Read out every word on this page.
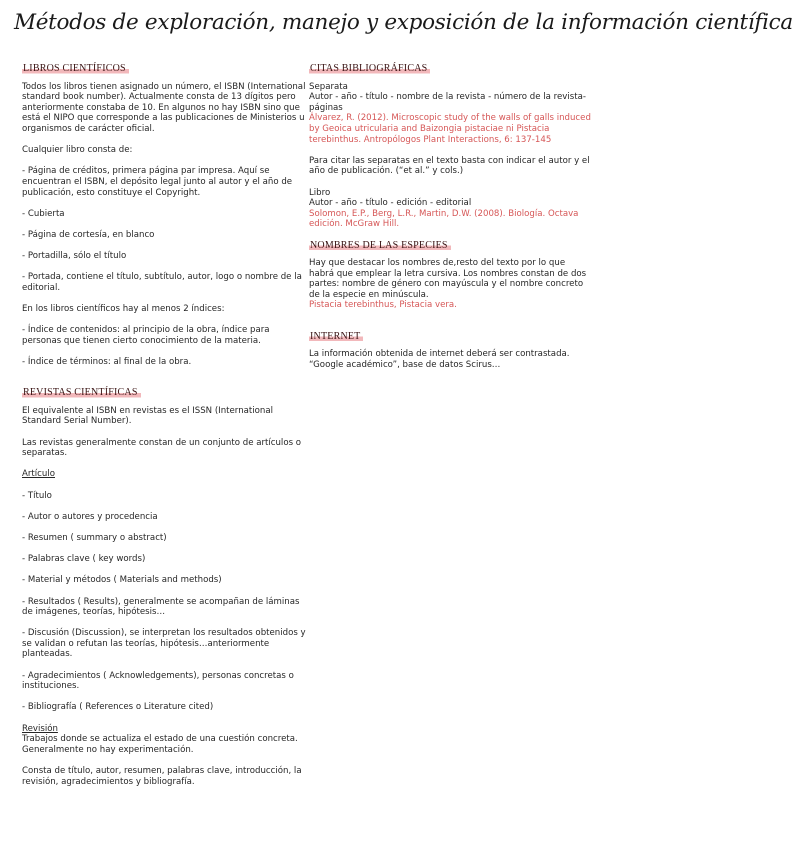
Métodos de exploración, manejo y exposición de la información científica
LIBROS CIENTÍFICOS

Todos los libros tienen asignado un número, el ISBN (International standard book number). Actualmente consta de 13 dígitos pero anteriormente constaba de 10. En algunos no hay ISBN sino que está el NIPO que corresponde a las publicaciones de Ministerios u organismos de carácter oficial.

Cualquier libro consta de:

- Página de créditos, primera página par impresa. Aquí se encuentran el ISBN, el depósito legal junto al autor y el año de publicación, esto constituye el Copyright.

- Cubierta

- Página de cortesía, en blanco

- Portadilla, sólo el título

- Portada, contiene el título, subtítulo, autor, logo o nombre de la editorial.

En los libros científicos hay al menos 2 índices:

- Índice de contenidos: al principio de la obra, índice para personas que tienen cierto conocimiento de la materia.

- Índice de términos: al final de la obra.

REVISTAS CIENTÍFICAS

El equivalente al ISBN en revistas es el ISSN (International Standard Serial Number).

Las revistas generalmente constan de un conjunto de artículos o separatas.

Artículo

- Título

- Autor o autores y procedencia

- Resumen ( summary o abstract)

- Palabras clave ( key words)

- Material y métodos ( Materials and methods)

- Resultados ( Results), generalmente se acompañan de láminas de imágenes, teorías, hipótesis…

- Discusión (Discussion), se interpretan los resultados obtenidos y se validan o refutan las teorías, hipótesis…anteriormente planteadas.

- Agradecimientos ( Acknowledgements), personas concretas o instituciones.

- Bibliografía ( References o Literature cited)

Revisión

Trabajos donde se actualiza el estado de una cuestión concreta. Generalmente no hay experimentación.

Consta de título, autor, resumen, palabras clave, introducción, la revisión, agradecimientos y bibliografía.

CITAS BIBLIOGRÁFICAS

Separata

Autor - año - título - nombre de la revista - número de la revista- páginas

Álvarez, R. (2012). Microscopic study of the walls of galls induced by Geoica utricularia and Baizongia pistaciae ni Pistacia terebinthus. Antropólogos Plant Interactions, 6: 137-145

Para citar las separatas en el texto basta con indicar el autor y el año de publicación. (“et al.” y cols.)

Libro

Autor - año - título - edición - editorial

Solomon, E.P., Berg, L.R., Martin, D.W. (2008). Biología. Octava edición. McGraw Hill.

NOMBRES DE LAS ESPECIES

Hay que destacar los nombres de,resto del texto por lo que habrá que emplear la letra cursiva. Los nombres constan de dos partes: nombre de género con mayúscula y el nombre concreto de la especie en minúscula.

Pistacia terebinthus, Pistacia vera.

INTERNET

La información obtenida de internet deberá ser contrastada. “Google académico”, base de datos Scirus…
